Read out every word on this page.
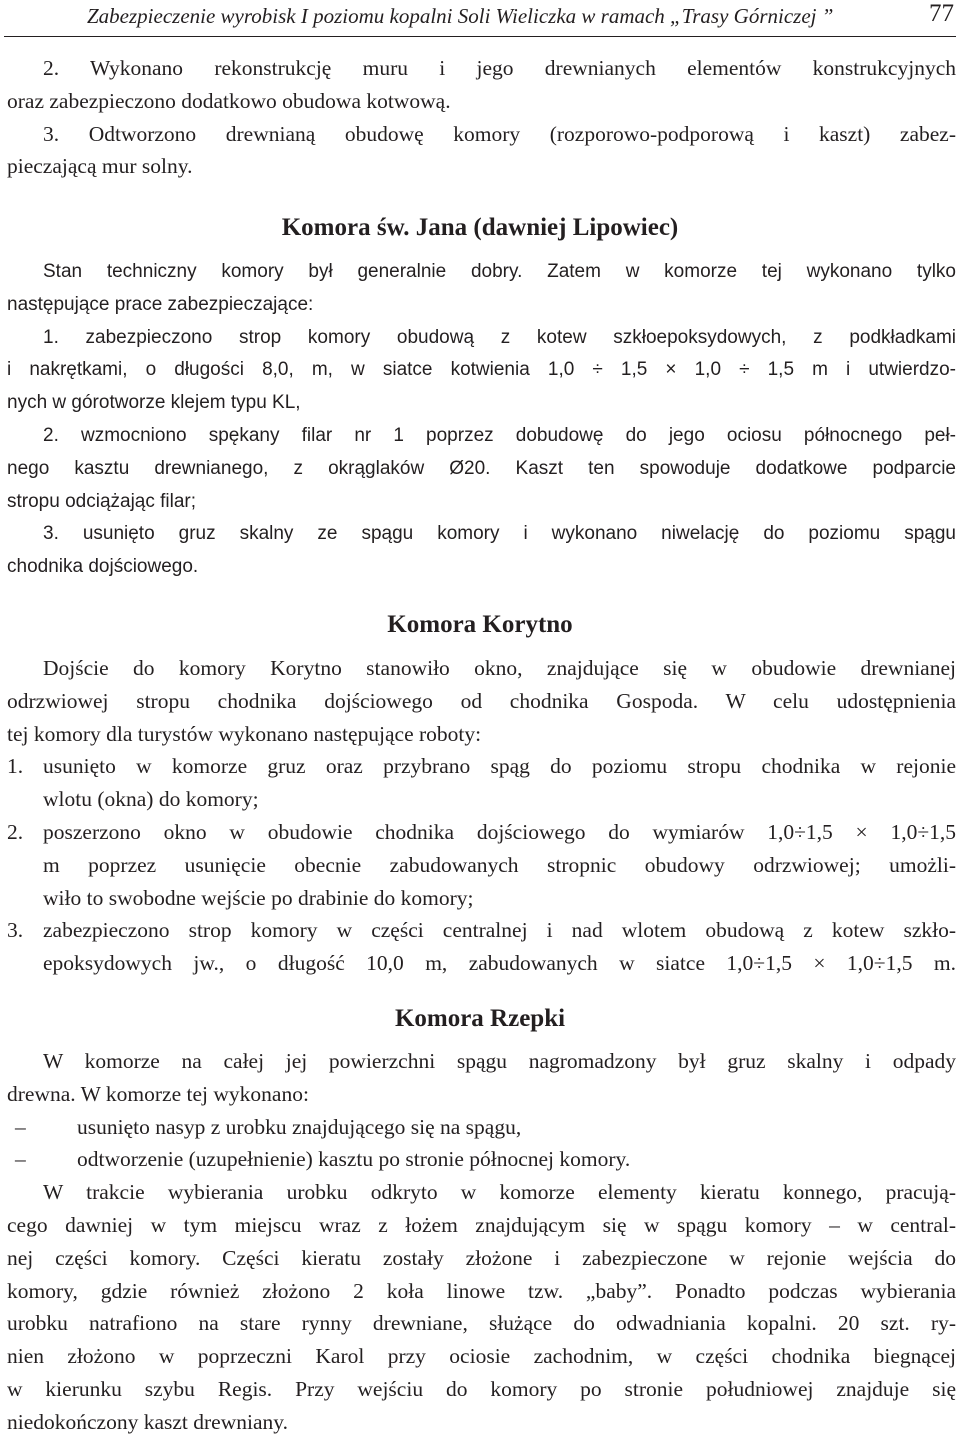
Zabezpieczenie wyrobisk I poziomu kopalni Soli Wieliczka w ramach „Trasy Górniczej ”	77
2. Wykonano rekonstrukcję muru i jego drewnianych elementów konstrukcyjnych
oraz zabezpieczono dodatkowo obudowa kotwową.
3. Odtworzono drewnianą obudowę komory (rozporowo-podporową i kaszt) zabez-
pieczającą mur solny.
Komora św. Jana (dawniej Lipowiec)
Stan techniczny komory był generalnie dobry. Zatem w komorze tej wykonano tylko
następujące prace zabezpieczające:
1. zabezpieczono strop komory obudową z kotew szkłoepoksydowych, z podkładkami
i nakrętkami, o długości 8,0, m, w siatce kotwienia 1,0 ÷ 1,5 × 1,0 ÷ 1,5 m i utwierdzo-
nych w górotworze klejem typu KL,
2. wzmocniono spękany filar nr 1 poprzez dobudowę do jego ociosu północnego peł-
nego kasztu drewnianego, z okrąglaków Ø20. Kaszt ten spowoduje dodatkowe podparcie
stropu odciążając filar;
3. usunięto gruz skalny ze spągu komory i wykonano niwelację do poziomu spągu
chodnika dojściowego.
Komora Korytno
Dojście do komory Korytno stanowiło okno, znajdujące się w obudowie drewnianej
odrzwiowej stropu chodnika dojściowego od chodnika Gospoda. W celu udostępnienia
tej komory dla turystów wykonano następujące roboty:
1. usunięto w komorze gruz oraz przybrano spąg do poziomu stropu chodnika w rejonie
wlotu (okna) do komory;
2. poszerzono okno w obudowie chodnika dojściowego do wymiarów 1,0÷1,5 × 1,0÷1,5
m poprzez usunięcie obecnie zabudowanych stropnic obudowy odrzwiowej; umożli-
wiło to swobodne wejście po drabinie do komory;
3. zabezpieczono strop komory w części centralnej i nad wlotem obudową z kotew szkło-
epoksydowych jw., o długość 10,0 m, zabudowanych w siatce 1,0÷1,5 × 1,0÷1,5 m.
Komora Rzepki
W komorze na całej jej powierzchni spągu nagromadzony był gruz skalny i odpady
drewna. W komorze tej wykonano:
– usunięto nasyp z urobku znajdującego się na spągu,
– odtworzenie (uzupełnienie) kasztu po stronie północnej komory.
W trakcie wybierania urobku odkryto w komorze elementy kieratu konnego, pracują-
cego dawniej w tym miejscu wraz z łożem znajdującym się w spągu komory – w central-
nej części komory. Części kieratu zostały złożone i zabezpieczone w rejonie wejścia do
komory, gdzie również złożono 2 koła linowe tzw. „baby”. Ponadto podczas wybierania
urobku natrafiono na stare rynny drewniane, służące do odwadniania kopalni. 20 szt. ry-
nien złożono w poprzeczni Karol przy ociosie zachodnim, w części chodnika biegnącej
w kierunku szybu Regis. Przy wejściu do komory po stronie południowej znajduje się
niedokończony kaszt drewniany.
